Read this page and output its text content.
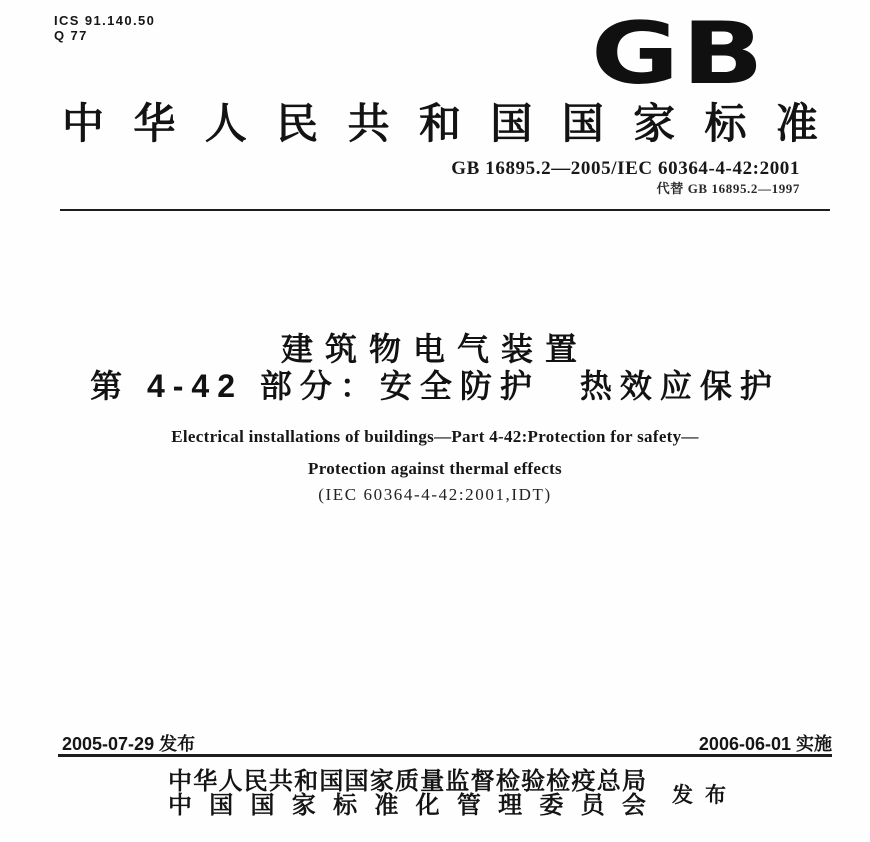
ICS 91.140.50
Q 77	GB
中 华 人 民 共 和 国 国 家 标 准
GB 16895.2—2005/IEC 60364-4-42:2001
代替 GB 16895.2—1997
建筑物电气装置
第 4-42 部分：安全防护　热效应保护
Electrical installations of buildings—Part 4-42:Protection for safety—
Protection against thermal effects
(IEC 60364-4-42:2001,IDT)
2005-07-29 发布	2006-06-01 实施
中 华 人 民 共 和 国 国 家 质 量 监 督 检 验 检 疫 总 局
中 国 国 家 标 准 化 管 理 委 员 会 发布
